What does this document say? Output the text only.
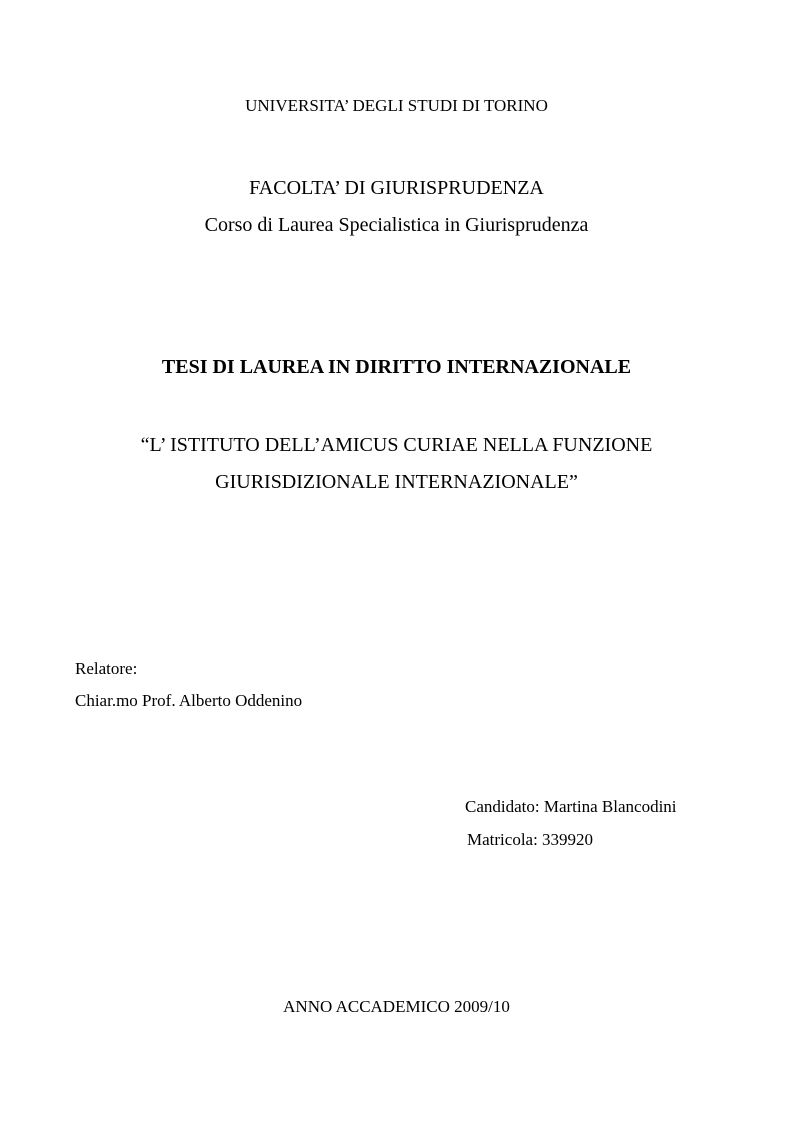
UNIVERSITA’ DEGLI STUDI DI TORINO
FACOLTA’ DI GIURISPRUDENZA
Corso di Laurea Specialistica in Giurisprudenza
TESI DI LAUREA IN DIRITTO INTERNAZIONALE
“L’ ISTITUTO DELL’AMICUS CURIAE NELLA FUNZIONE
GIURISDIZIONALE INTERNAZIONALE”
Relatore:
Chiar.mo Prof. Alberto Oddenino
Candidato: Martina Blancodini
Matricola: 339920
ANNO ACCADEMICO 2009/10
